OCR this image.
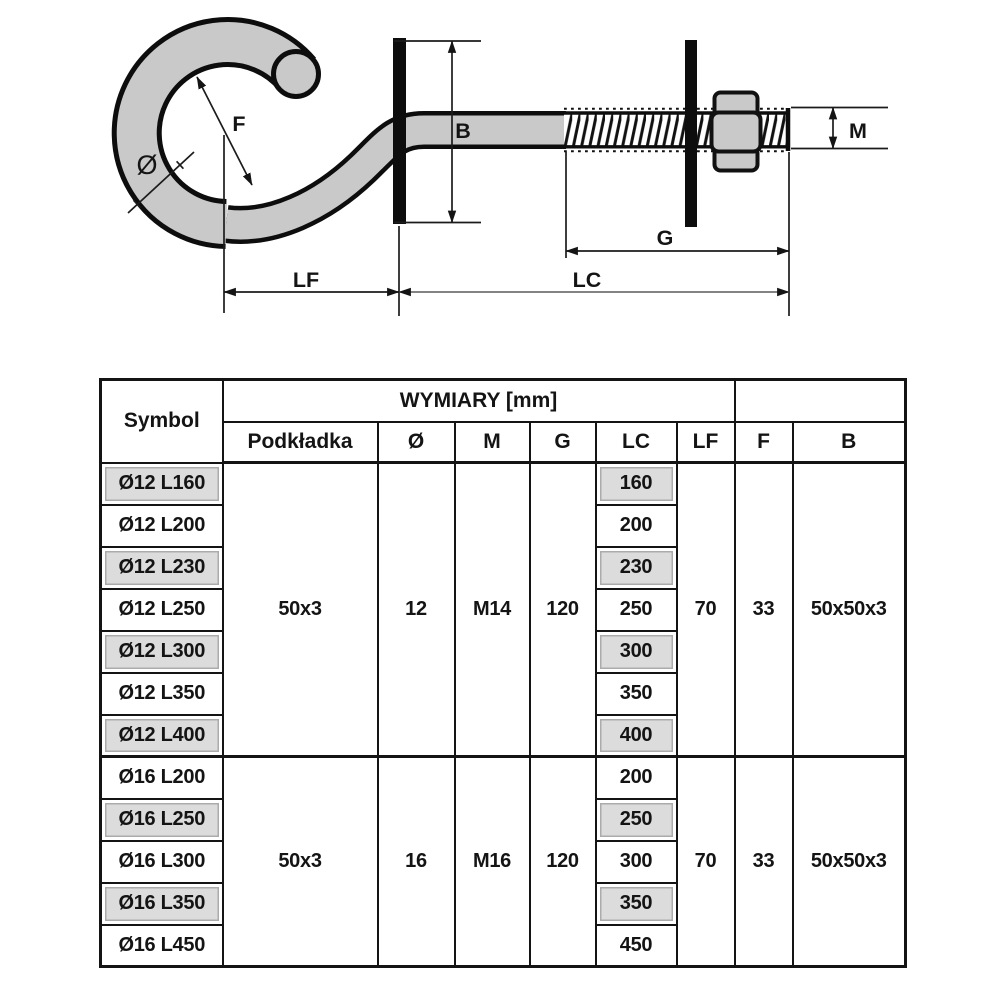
F
Ø
B	M
G
LF	LC
Symbol	WYMIARY [mm]							
	Podkładka	Ø	M	G	LC	LF	F	B
Ø12 L160	50x3	12	M14	120	160	70	33	50x50x3
Ø12 L200					200			
Ø12 L230					230			
Ø12 L250					250			
Ø12 L300					300			
Ø12 L350					350			
Ø12 L400					400			
Ø16 L200	50x3	16	M16	120	200	70	33	50x50x3
Ø16 L250					250			
Ø16 L300					300			
Ø16 L350					350			
Ø16 L450					450			
